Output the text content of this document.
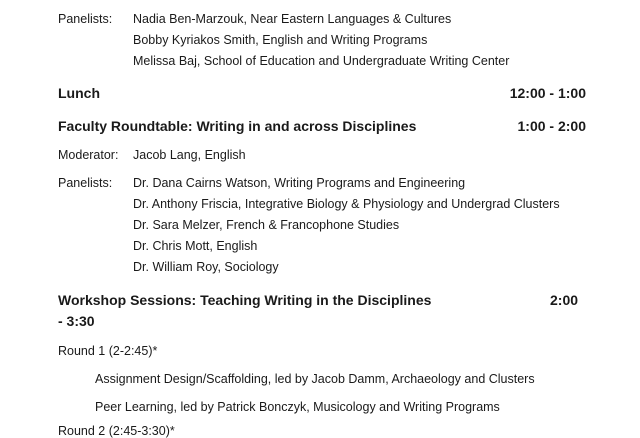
Panelists: Nadia Ben-Marzouk, Near Eastern Languages & Cultures
Bobby Kyriakos Smith, English and Writing Programs
Melissa Baj, School of Education and Undergraduate Writing Center
Lunch	12:00 - 1:00
Faculty Roundtable: Writing in and across Disciplines	1:00 - 2:00
Moderator: Jacob Lang, English
Panelists: Dr. Dana Cairns Watson, Writing Programs and Engineering
Dr. Anthony Friscia, Integrative Biology & Physiology and Undergrad Clusters
Dr. Sara Melzer, French & Francophone Studies
Dr. Chris Mott, English
Dr. William Roy, Sociology
Workshop Sessions: Teaching Writing in the Disciplines	2:00
- 3:30
Round 1 (2-2:45)*
Assignment Design/Scaffolding, led by Jacob Damm, Archaeology and Clusters
Peer Learning, led by Patrick Bonczyk, Musicology and Writing Programs
Round 2 (2:45-3:30)*
